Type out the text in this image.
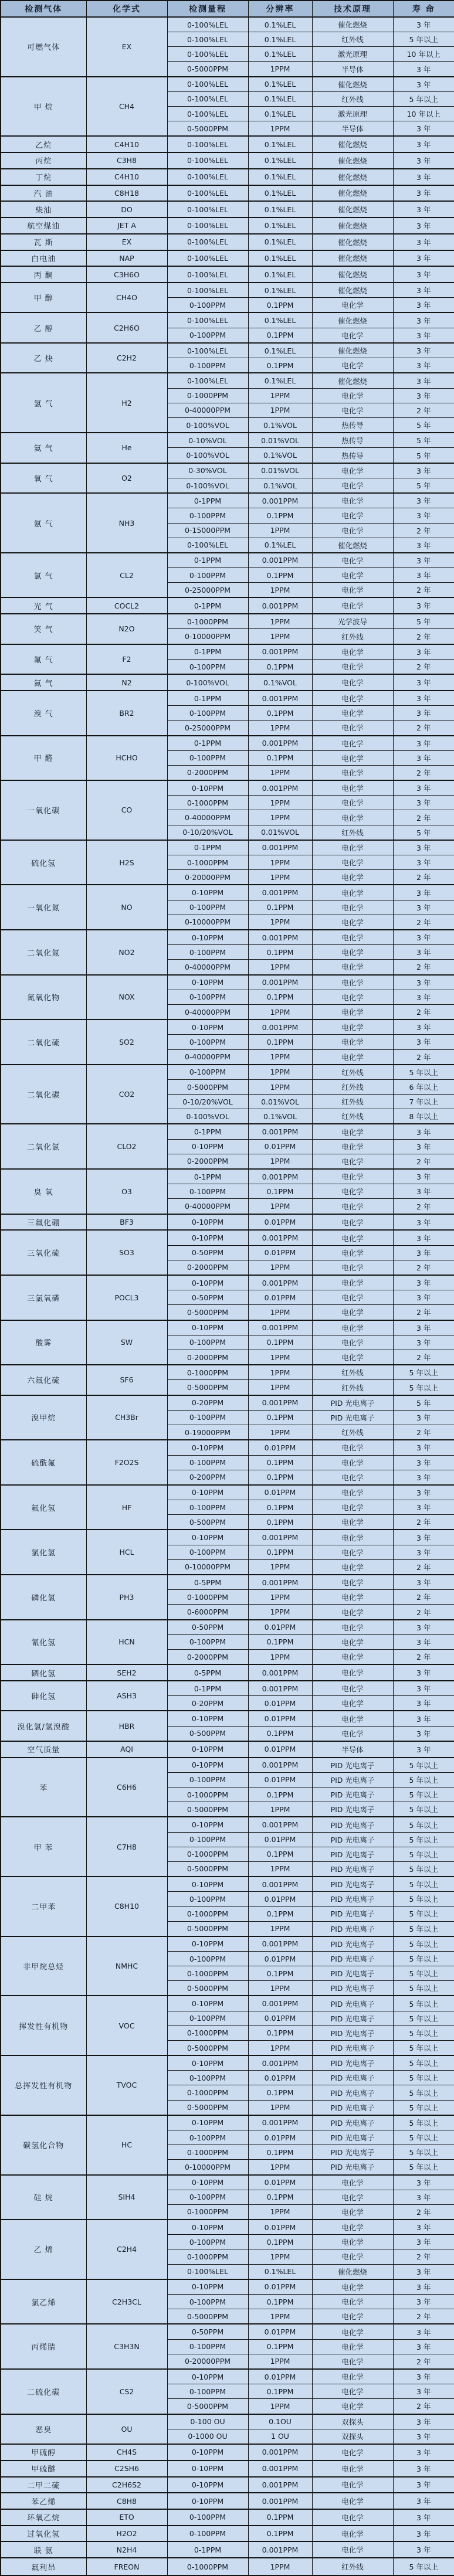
检测气体	化学式	检测量程	分辨率	技术原理	寿 命
可燃气体	EX	0-100%LEL	0.1%LEL	催化燃烧	3 年
		0-100%LEL	0.1%LEL	红外线	5 年以上
		0-100%LEL	0.1%LEL	激光原理	10 年以上
		0-5000PPM	1PPM	半导体	3 年
甲 烷	CH4	0-100%LEL	0.1%LEL	催化燃烧	3 年
		0-100%LEL	0.1%LEL	红外线	5 年以上
		0-100%LEL	0.1%LEL	激光原理	10 年以上
		0-5000PPM	1PPM	半导体	3 年
乙烷	C4H10	0-100%LEL	0.1%LEL	催化燃烧	3 年
丙烷	C3H8	0-100%LEL	0.1%LEL	催化燃烧	3 年
丁烷	C4H10	0-100%LEL	0.1%LEL	催化燃烧	3 年
汽 油	C8H18	0-100%LEL	0.1%LEL	催化燃烧	3 年
柴油	DO	0-100%LEL	0.1%LEL	催化燃烧	3 年
航空煤油	JET A	0-100%LEL	0.1%LEL	催化燃烧	3 年
瓦 斯	EX	0-100%LEL	0.1%LEL	催化燃烧	3 年
白电油	NAP	0-100%LEL	0.1%LEL	催化燃烧	3 年
丙 酮	C3H6O	0-100%LEL	0.1%LEL	催化燃烧	3 年
甲 醇	CH4O	0-100%LEL	0.1%LEL	催化燃烧	3 年
		0-100PPM	0.1PPM	电化学	3 年
乙 醇	C2H6O	0-100%LEL	0.1%LEL	催化燃烧	3 年
		0-100PPM	0.1PPM	电化学	3 年
乙 炔	C2H2	0-100%LEL	0.1%LEL	催化燃烧	3 年
		0-100PPM	0.1PPM	电化学	3 年
氢 气	H2	0-100%LEL	0.1%LEL	催化燃烧	3 年
		0-1000PPM	1PPM	电化学	3 年
		0-40000PPM	1PPM	电化学	2 年
		0-100%VOL	0.1%VOL	热传导	5 年
氦 气	He	0-10%VOL	0.01%VOL	热传导	5 年
		0-100%VOL	0.1%VOL	热传导	5 年
氧 气	O2	0-30%VOL	0.01%VOL	电化学	3 年
		0-100%VOL	0.1%VOL	电化学	5 年
氨 气	NH3	0-1PPM	0.001PPM	电化学	3 年
		0-100PPM	0.1PPM	电化学	3 年
		0-15000PPM	1PPM	电化学	2 年
		0-100%LEL	0.1%LEL	催化燃烧	3 年
氯 气	CL2	0-1PPM	0.001PPM	电化学	3 年
		0-100PPM	0.1PPM	电化学	3 年
		0-25000PPM	1PPM	电化学	2 年
光 气	COCL2	0-1PPM	0.001PPM	电化学	3 年
笑 气	N2O	0-1000PPM	1PPM	光学波导	5 年
		0-10000PPM	1PPM	红外线	2 年
氟 气	F2	0-1PPM	0.001PPM	电化学	3 年
		0-100PPM	0.1PPM	电化学	2 年
氮 气	N2	0-100%VOL	0.1%VOL	电化学	3 年
溴 气	BR2	0-1PPM	0.001PPM	电化学	3 年
		0-100PPM	0.1PPM	电化学	3 年
		0-25000PPM	1PPM	电化学	2 年
甲 醛	HCHO	0-1PPM	0.001PPM	电化学	3 年
		0-100PPM	0.1PPM	电化学	3 年
		0-2000PPM	1PPM	电化学	2 年
一氧化碳	CO	0-10PPM	0.001PPM	电化学	3 年
		0-1000PPM	1PPM	电化学	3 年
		0-40000PPM	1PPM	电化学	2 年
		0-10/20%VOL	0.01%VOL	红外线	5 年
硫化氢	H2S	0-1PPM	0.001PPM	电化学	3 年
		0-1000PPM	1PPM	电化学	3 年
		0-20000PPM	1PPM	电化学	2 年
一氧化氮	NO	0-10PPM	0.001PPM	电化学	3 年
		0-100PPM	0.1PPM	电化学	3 年
		0-10000PPM	1PPM	电化学	2 年
二氧化氮	NO2	0-10PPM	0.001PPM	电化学	3 年
		0-100PPM	0.1PPM	电化学	3 年
		0-40000PPM	1PPM	电化学	2 年
氮氧化物	NOX	0-10PPM	0.001PPM	电化学	3 年
		0-100PPM	0.1PPM	电化学	3 年
		0-40000PPM	1PPM	电化学	2 年
二氧化硫	SO2	0-10PPM	0.001PPM	电化学	3 年
		0-100PPM	0.1PPM	电化学	3 年
		0-40000PPM	1PPM	电化学	2 年
二氧化碳	CO2	0-100PPM	1PPM	红外线	5 年以上
		0-5000PPM	1PPM	红外线	6 年以上
		0-10/20%VOL	0.01%VOL	红外线	7 年以上
		0-100%VOL	0.1%VOL	红外线	8 年以上
二氧化氯	CLO2	0-1PPM	0.001PPM	电化学	3 年
		0-10PPM	0.01PPM	电化学	3 年
		0-2000PPM	1PPM	电化学	2 年
臭 氧	O3	0-1PPM	0.001PPM	电化学	3 年
		0-100PPM	0.1PPM	电化学	3 年
		0-40000PPM	1PPM	电化学	2 年
三氟化硼	BF3	0-10PPM	0.01PPM	电化学	3 年
三氧化硫	SO3	0-10PPM	0.001PPM	电化学	3 年
		0-50PPM	0.01PPM	电化学	3 年
		0-2000PPM	1PPM	电化学	2 年
三氯氧磷	POCL3	0-10PPM	0.001PPM	电化学	3 年
		0-50PPM	0.01PPM	电化学	3 年
		0-5000PPM	1PPM	电化学	2 年
酸雾	SW	0-10PPM	0.001PPM	电化学	3 年
		0-100PPM	0.1PPM	电化学	3 年
		0-2000PPM	1PPM	电化学	2 年
六氟化硫	SF6	0-1000PPM	1PPM	红外线	5 年以上
		0-5000PPM	1PPM	红外线	5 年以上
溴甲烷	CH3Br	0-20PPM	0.001PPM	PID 光电离子	5 年
		0-100PPM	0.1PPM	PID 光电离子	3 年
		0-19000PPM	1PPM	红外线	2 年
硫酰氟	F2O2S	0-10PPM	0.01PPM	电化学	3 年
		0-100PPM	0.1PPM	电化学	3 年
		0-200PPM	0.1PPM	电化学	3 年
氟化氢	HF	0-10PPM	0.01PPM	电化学	3 年
		0-100PPM	0.1PPM	电化学	3 年
		0-500PPM	0.1PPM	电化学	2 年
氯化氢	HCL	0-10PPM	0.001PPM	电化学	3 年
		0-100PPM	0.1PPM	电化学	3 年
		0-10000PPM	1PPM	电化学	2 年
磷化氢	PH3	0-5PPM	0.001PPM	电化学	3 年
		0-1000PPM	1PPM	电化学	2 年
		0-6000PPM	1PPM	电化学	2 年
氰化氢	HCN	0-50PPM	0.01PPM	电化学	3 年
		0-100PPM	0.1PPM	电化学	3 年
		0-2000PPM	1PPM	电化学	2 年
硒化氢	SEH2	0-5PPM	0.001PPM	电化学	3 年
砷化氢	ASH3	0-1PPM	0.001PPM	电化学	3 年
		0-20PPM	0.01PPM	电化学	3 年
溴化氢/氢溴酸	HBR	0-10PPM	0.01PPM	电化学	3 年
		0-500PPM	0.1PPM	电化学	3 年
空气质量	AQI	0-10PPM	0.01PPM	半导体	3 年
苯	C6H6	0-10PPM	0.001PPM	PID 光电离子	5 年以上
		0-100PPM	0.01PPM	PID 光电离子	5 年以上
		0-1000PPM	0.1PPM	PID 光电离子	5 年以上
		0-5000PPM	1PPM	PID 光电离子	5 年以上
甲 苯	C7H8	0-10PPM	0.001PPM	PID 光电离子	5 年以上
		0-100PPM	0.01PPM	PID 光电离子	5 年以上
		0-1000PPM	0.1PPM	PID 光电离子	5 年以上
		0-5000PPM	1PPM	PID 光电离子	5 年以上
二甲苯	C8H10	0-10PPM	0.001PPM	PID 光电离子	5 年以上
		0-100PPM	0.01PPM	PID 光电离子	5 年以上
		0-1000PPM	0.1PPM	PID 光电离子	5 年以上
		0-5000PPM	1PPM	PID 光电离子	5 年以上
非甲烷总烃	NMHC	0-10PPM	0.001PPM	PID 光电离子	5 年以上
		0-100PPM	0.01PPM	PID 光电离子	5 年以上
		0-1000PPM	0.1PPM	PID 光电离子	5 年以上
		0-5000PPM	1PPM	PID 光电离子	5 年以上
挥发性有机物	VOC	0-10PPM	0.001PPM	PID 光电离子	5 年以上
		0-100PPM	0.01PPM	PID 光电离子	5 年以上
		0-1000PPM	0.1PPM	PID 光电离子	5 年以上
		0-5000PPM	1PPM	PID 光电离子	5 年以上
总挥发性有机物	TVOC	0-10PPM	0.001PPM	PID 光电离子	5 年以上
		0-100PPM	0.01PPM	PID 光电离子	5 年以上
		0-1000PPM	0.1PPM	PID 光电离子	5 年以上
		0-5000PPM	1PPM	PID 光电离子	5 年以上
碳氢化合物	HC	0-10PPM	0.001PPM	PID 光电离子	5 年以上
		0-100PPM	0.01PPM	PID 光电离子	5 年以上
		0-1000PPM	0.1PPM	PID 光电离子	5 年以上
		0-10000PPM	1PPM	PID 光电离子	5 年以上
硅 烷	SIH4	0-10PPM	0.01PPM	电化学	3 年
		0-100PPM	0.1PPM	电化学	3 年
		0-1000PPM	1PPM	电化学	2 年
乙 烯	C2H4	0-10PPM	0.01PPM	电化学	3 年
		0-100PPM	0.1PPM	电化学	3 年
		0-1000PPM	1PPM	电化学	2 年
		0-100%LEL	0.1%LEL	催化燃烧	3 年
氯乙烯	C2H3CL	0-10PPM	0.01PPM	电化学	3 年
		0-100PPM	0.1PPM	电化学	3 年
		0-5000PPM	1PPM	电化学	2 年
丙烯腈	C3H3N	0-50PPM	0.01PPM	电化学	3 年
		0-100PPM	0.1PPM	电化学	3 年
		0-20000PPM	1PPM	电化学	2 年
二硫化碳	CS2	0-10PPM	0.01PPM	电化学	3 年
		0-100PPM	0.1PPM	电化学	3 年
		0-5000PPM	1PPM	电化学	2 年
恶臭	OU	0-100 OU	0.1OU	双探头	3 年
		0-1000 OU	1 OU	双探头	3 年
甲硫醇	CH4S	0-10PPM	0.001PPM	电化学	3 年
甲硫醚	C2SH6	0-10PPM	0.001PPM	电化学	3 年
二甲二硫	C2H6S2	0-10PPM	0.001PPM	电化学	3 年
苯乙烯	C8H8	0-10PPM	0.001PPM	电化学	3 年
环氧乙烷	ETO	0-100PPM	0.1PPM	电化学	3 年
过氧化氢	H2O2	0-100PPM	0.1PPM	电化学	3 年
联 氨	N2H4	0-1PPM	0.001PPM	电化学	3 年
氟利昂	FREON	0-1000PPM	1PPM	红外线	5 年以上
